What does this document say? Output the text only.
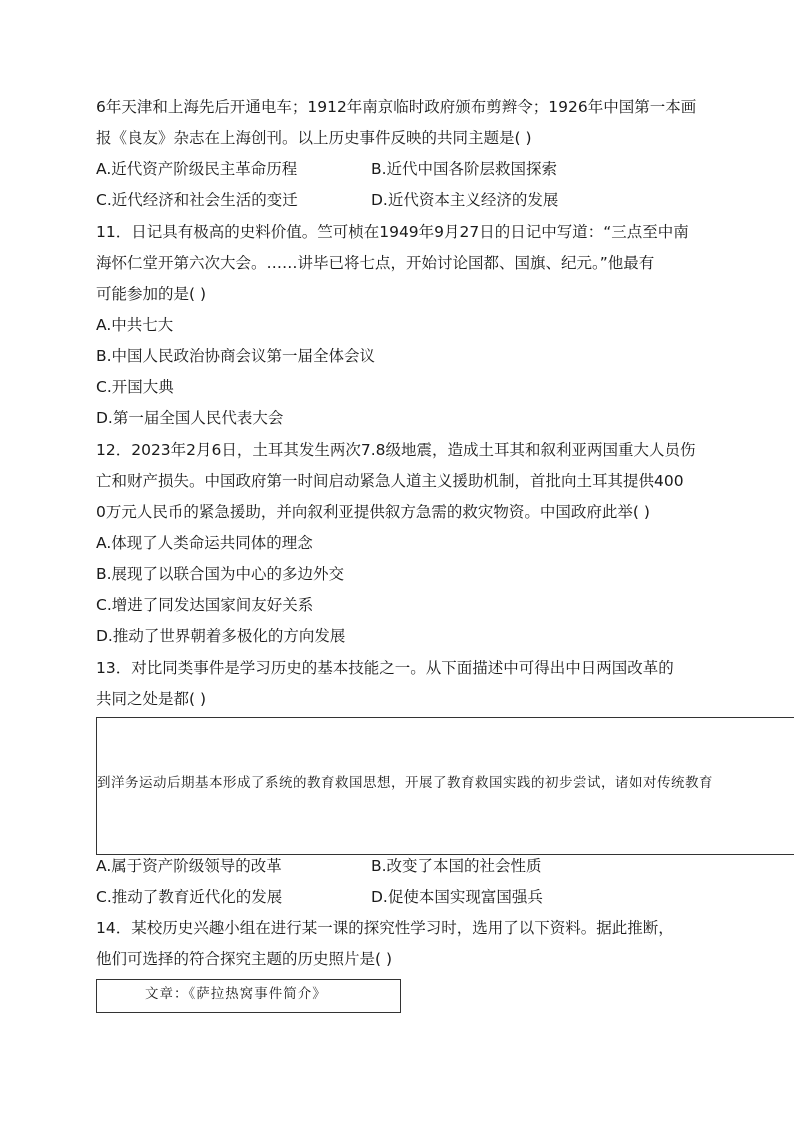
6年天津和上海先后开通电车；1912年南京临时政府颁布剪辫令；1926年中国第一本画

报《良友》杂志在上海创刊。以上历史事件反映的共同主题是( )

A.近代资产阶级民主革命历程	B.近代中国各阶层救国探索

C.近代经济和社会生活的变迁	D.近代资本主义经济的发展

11．日记具有极高的史料价值。竺可桢在1949年9月27日的日记中写道：“三点至中南

海怀仁堂开第六次大会。……讲毕已将七点，开始讨论国都、国旗、纪元。”他最有

可能参加的是( )

A.中共七大

B.中国人民政治协商会议第一届全体会议

C.开国大典

D.第一届全国人民代表大会

12．2023年2月6日，土耳其发生两次7.8级地震，造成土耳其和叙利亚两国重大人员伤

亡和财产损失。中国政府第一时间启动紧急人道主义援助机制，首批向土耳其提供400

0万元人民币的紧急援助，并向叙利亚提供叙方急需的救灾物资。中国政府此举( )

A.体现了人类命运共同体的理念

B.展现了以联合国为中心的多边外交

C.增进了同发达国家间友好关系

D.推动了世界朝着多极化的方向发展

13．对比同类事件是学习历史的基本技能之一。从下面描述中可得出中日两国改革的

共同之处是都( )

到洋务运动后期基本形成了系统的教育救国思想，开展了教育救国实践的初步尝试，诸如对传统教育

A.属于资产阶级领导的改革	B.改变了本国的社会性质

C.推动了教育近代化的发展	D.促使本国实现富国强兵

14．某校历史兴趣小组在进行某一课的探究性学习时，选用了以下资料。据此推断，

他们可选择的符合探究主题的历史照片是( )

文章：《萨拉热窝事件简介》
